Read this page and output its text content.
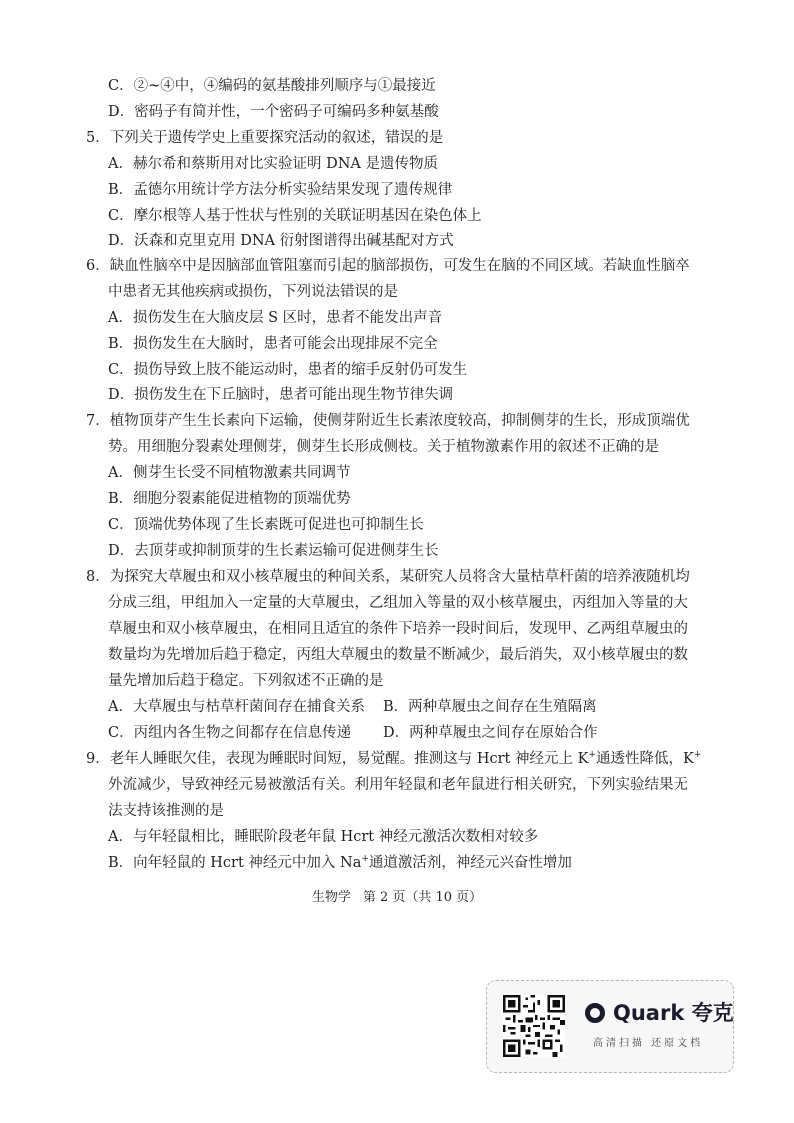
C．②~④中，④编码的氨基酸排列顺序与①最接近
D．密码子有简并性，一个密码子可编码多种氨基酸
5．下列关于遗传学史上重要探究活动的叙述，错误的是
A．赫尔希和蔡斯用对比实验证明 DNA 是遗传物质
B．孟德尔用统计学方法分析实验结果发现了遗传规律
C．摩尔根等人基于性状与性别的关联证明基因在染色体上
D．沃森和克里克用 DNA 衍射图谱得出碱基配对方式
6．缺血性脑卒中是因脑部血管阻塞而引起的脑部损伤，可发生在脑的不同区域。若缺血性脑卒
中患者无其他疾病或损伤，下列说法错误的是
A．损伤发生在大脑皮层 S 区时，患者不能发出声音
B．损伤发生在大脑时，患者可能会出现排尿不完全
C．损伤导致上肢不能运动时，患者的缩手反射仍可发生
D．损伤发生在下丘脑时，患者可能出现生物节律失调
7．植物顶芽产生生长素向下运输，使侧芽附近生长素浓度较高，抑制侧芽的生长，形成顶端优
势。用细胞分裂素处理侧芽，侧芽生长形成侧枝。关于植物激素作用的叙述不正确的是
A．侧芽生长受不同植物激素共同调节
B．细胞分裂素能促进植物的顶端优势
C．顶端优势体现了生长素既可促进也可抑制生长
D．去顶芽或抑制顶芽的生长素运输可促进侧芽生长
8．为探究大草履虫和双小核草履虫的种间关系，某研究人员将含大量枯草杆菌的培养液随机均
分成三组，甲组加入一定量的大草履虫，乙组加入等量的双小核草履虫，丙组加入等量的大
草履虫和双小核草履虫，在相同且适宜的条件下培养一段时间后，发现甲、乙两组草履虫的
数量均为先增加后趋于稳定，丙组大草履虫的数量不断减少，最后消失，双小核草履虫的数
量先增加后趋于稳定。下列叙述不正确的是
A．大草履虫与枯草杆菌间存在捕食关系 B．两种草履虫之间存在生殖隔离
C．丙组内各生物之间都存在信息传递 D．两种草履虫之间存在原始合作
9．老年人睡眠欠佳，表现为睡眠时间短，易觉醒。推测这与 Hcrt 神经元上 K+通透性降低，K+
外流减少，导致神经元易被激活有关。利用年轻鼠和老年鼠进行相关研究，下列实验结果无
法支持该推测的是
A．与年轻鼠相比，睡眠阶段老年鼠 Hcrt 神经元激活次数相对较多
B．向年轻鼠的 Hcrt 神经元中加入 Na+通道激活剂，神经元兴奋性增加
生物学 第 2 页（共 10 页）
Quark 夸克
高清扫描 还原文档
